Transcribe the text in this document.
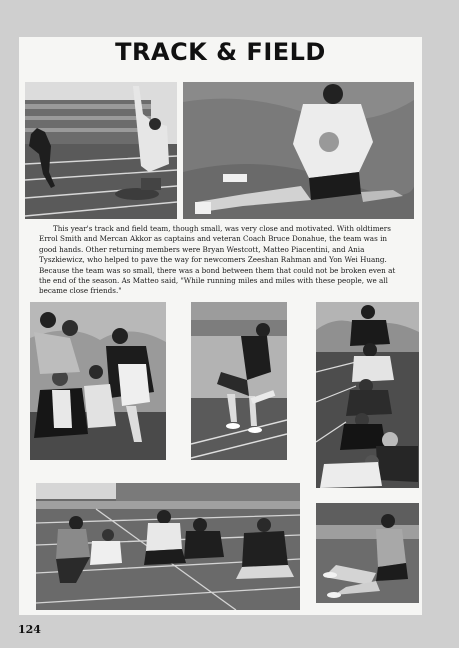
TRACK & FIELD

This year's track and field team, though small, was very close and motivated. With oldtimers Errol Smith and Mercan Akkor as captains and veteran Coach Bruce Donahue, the team was in good hands. Other returning members were Bryan Westcott, Matteo Piacentini, and Ania Tyszkiewicz, who helped to pave the way for newcomers Zeeshan Rahman and Yon Wei Huang. Because the team was so small, there was a bond between them that could not be broken even at the end of the season. As Matteo said, "While running miles and miles with these people, we all became close friends."

124
